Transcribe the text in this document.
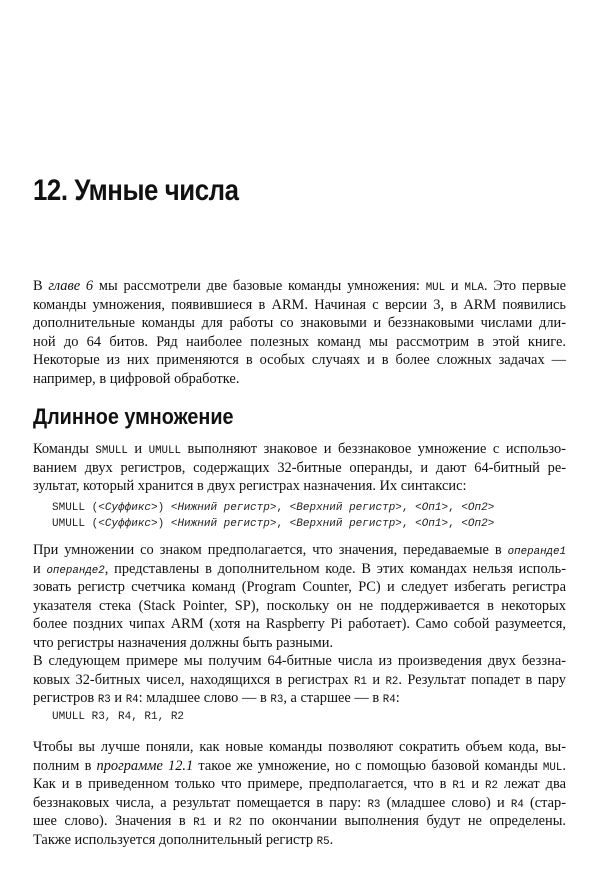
12. Умные числа
В главе 6 мы рассмотрели две базовые команды умножения: MUL и MLA. Это первые
команды умножения, появившиеся в ARM. Начиная с версии 3, в ARM появились
дополнительные команды для работы со знаковыми и беззнаковыми числами дли-
ной до 64 битов. Ряд наиболее полезных команд мы рассмотрим в этой книге.
Некоторые из них применяются в особых случаях и в более сложных задачах —
например, в цифровой обработке.
Длинное умножение
Команды SMULL и UMULL выполняют знаковое и беззнаковое умножение с использо-
ванием двух регистров, содержащих 32-битные операнды, и дают 64-битный ре-
зультат, который хранится в двух регистрах назначения. Их синтаксис:
SMULL (<Суффикс>) <Нижний регистр>, <Верхний регистр>, <Оп1>, <Оп2>
UMULL (<Суффикс>) <Нижний регистр>, <Верхний регистр>, <Оп1>, <Оп2>
При умножении со знаком предполагается, что значения, передаваемые в операнде1
и операнде2, представлены в дополнительном коде. В этих командах нельзя исполь-
зовать регистр счетчика команд (Program Counter, PC) и следует избегать регистра
указателя стека (Stack Pointer, SP), поскольку он не поддерживается в некоторых
более поздних чипах ARM (хотя на Raspberry Pi работает). Само собой разумеется,
что регистры назначения должны быть разными.
В следующем примере мы получим 64-битные числа из произведения двух беззна-
ковых 32-битных чисел, находящихся в регистрах R1 и R2. Результат попадет в пару
регистров R3 и R4: младшее слово — в R3, а старшее — в R4:
UMULL R3, R4, R1, R2
Чтобы вы лучше поняли, как новые команды позволяют сократить объем кода, вы-
полним в программе 12.1 такое же умножение, но с помощью базовой команды MUL.
Как и в приведенном только что примере, предполагается, что в R1 и R2 лежат два
беззнаковых числа, а результат помещается в пару: R3 (младшее слово) и R4 (стар-
шее слово). Значения в R1 и R2 по окончании выполнения будут не определены.
Также используется дополнительный регистр R5.
